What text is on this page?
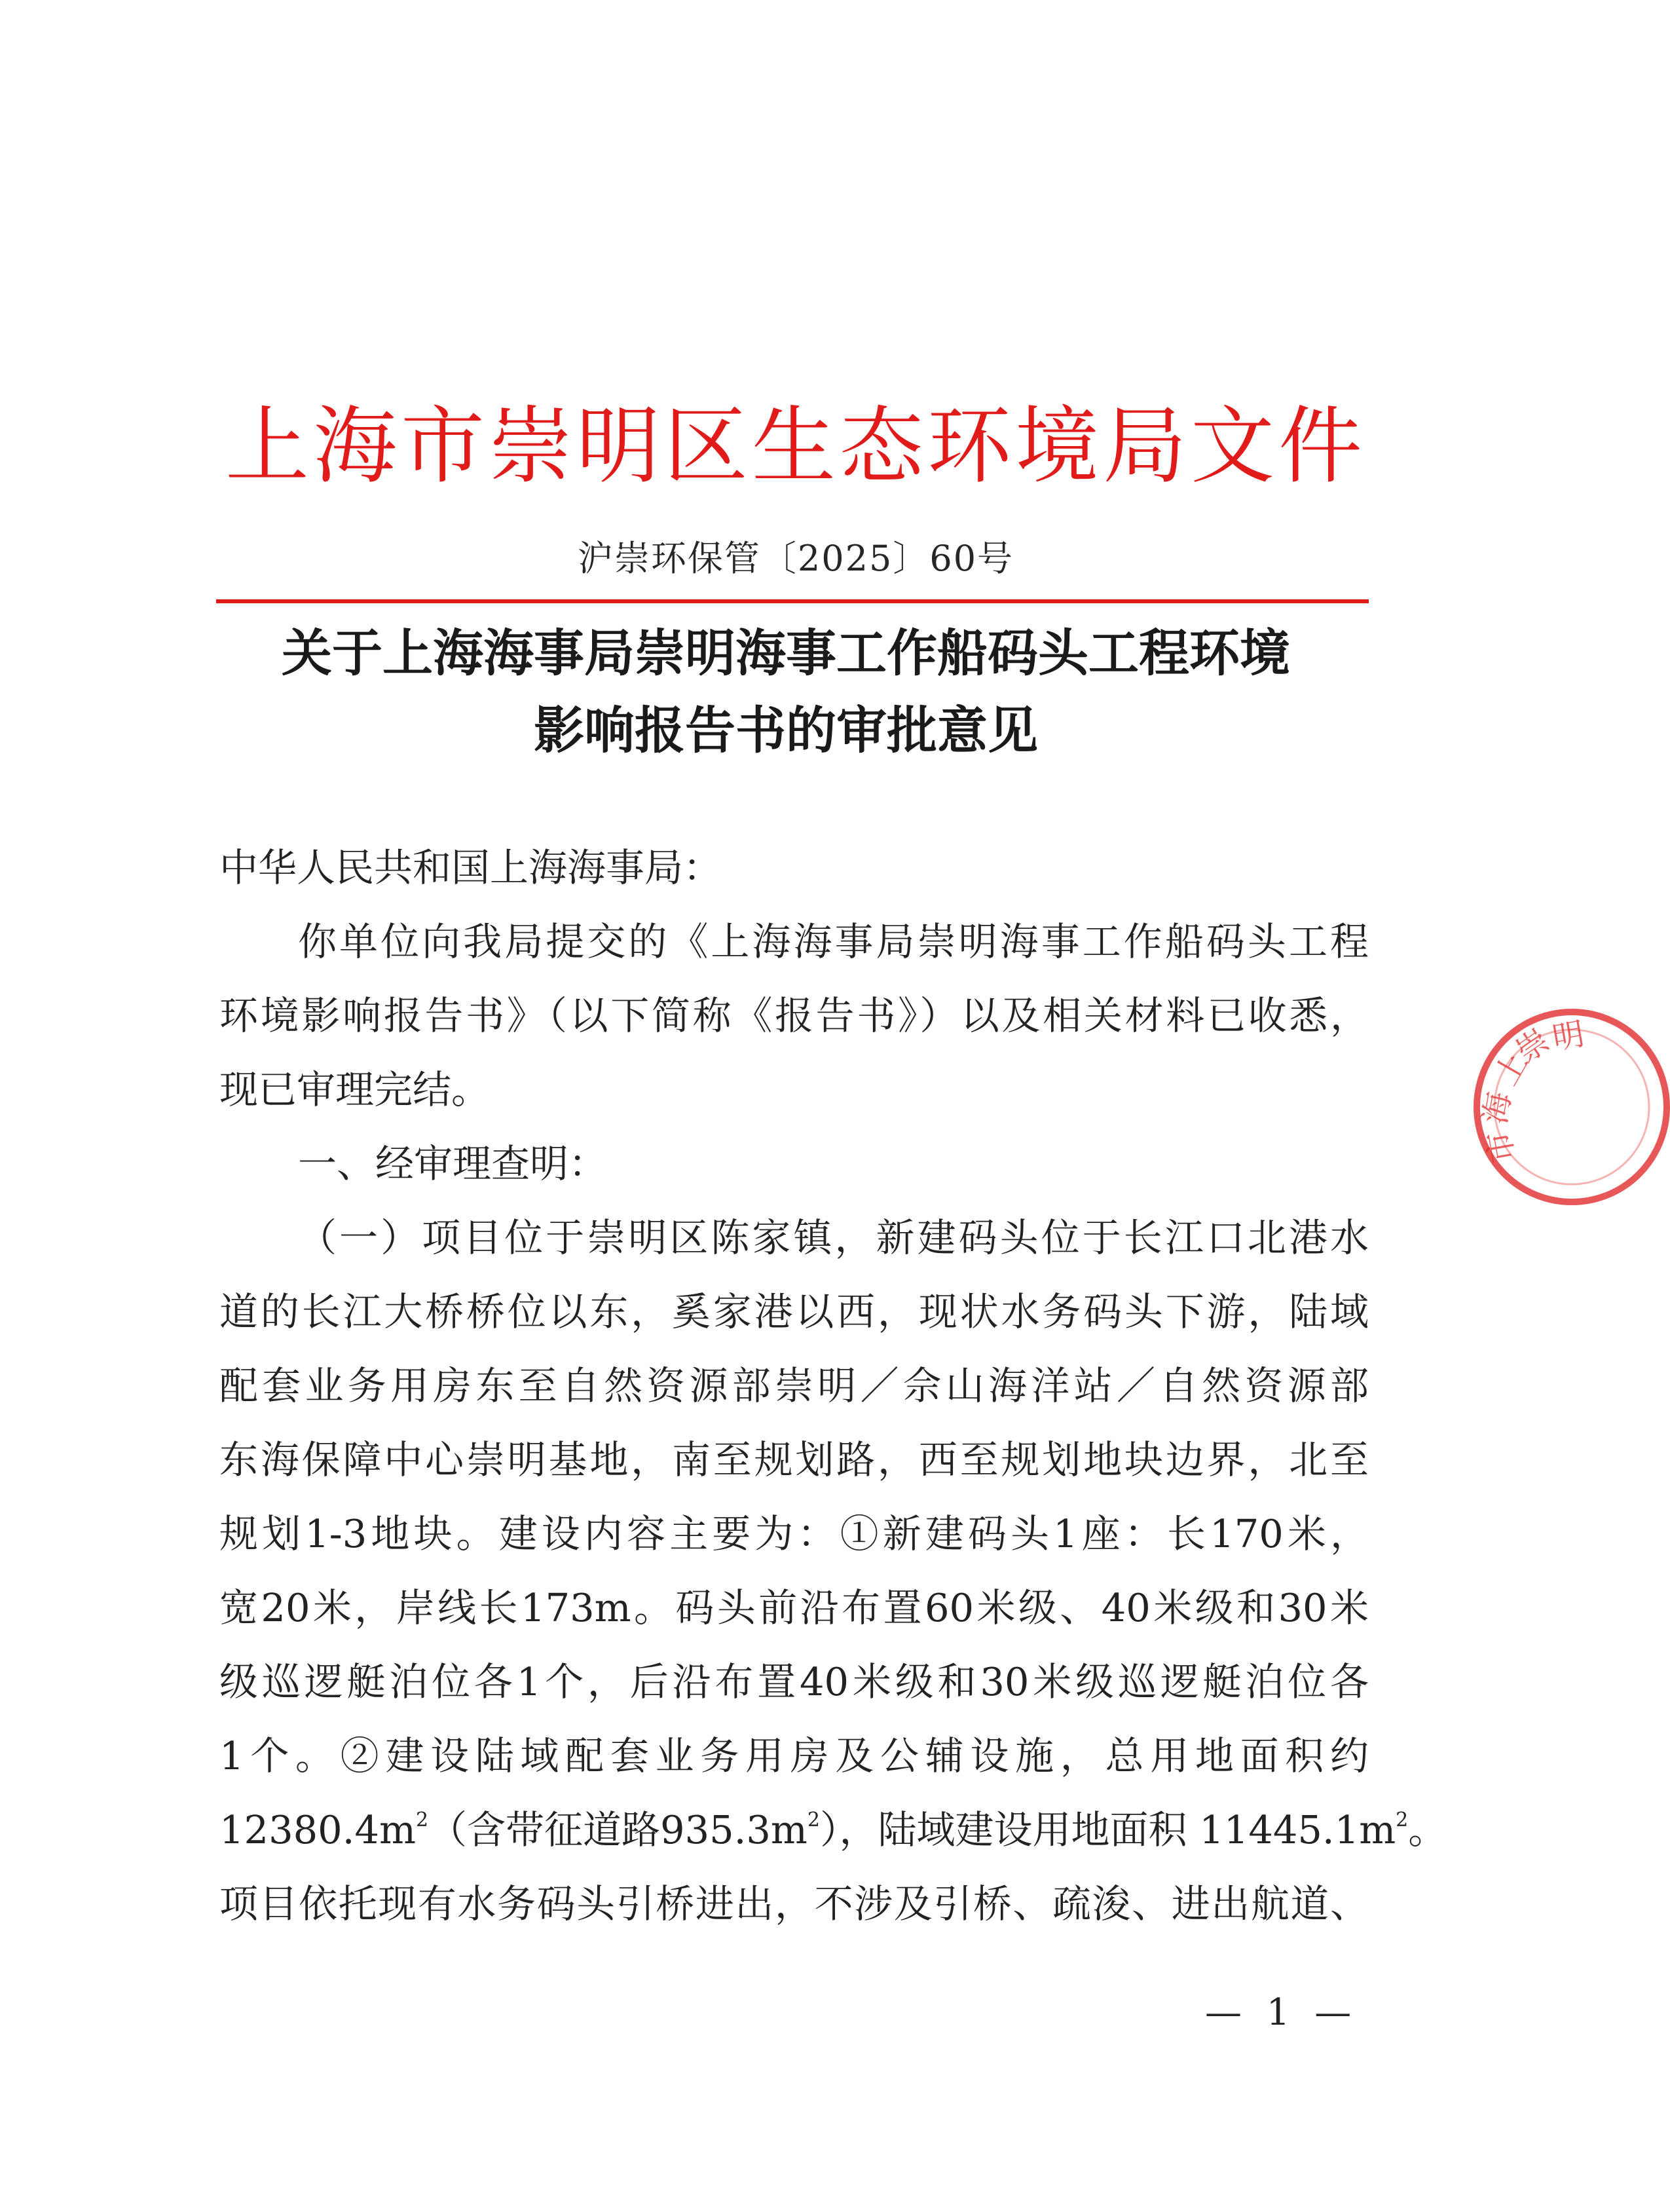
上海市崇明区生态环境局文件
沪崇环保管〔2025〕60号
关于上海海事局崇明海事工作船码头工程环境
影响报告书的审批意见
中华人民共和国上海海事局：
你单位向我局提交的《上海海事局崇明海事工作船码头工程
环境影响报告书》（以下简称《报告书》）以及相关材料已收悉，
现已审理完结。
一、经审理查明：
（一）项目位于崇明区陈家镇，新建码头位于长江口北港水
道的长江大桥桥位以东，奚家港以西，现状水务码头下游，陆域
配套业务用房东至自然资源部崇明／佘山海洋站／自然资源部
东海保障中心崇明基地，南至规划路，西至规划地块边界，北至
规划1-3地块。建设内容主要为：①新建码头1座：长170米，
宽20米，岸线长173m。码头前沿布置60米级、40米级和30米
级巡逻艇泊位各1个，后沿布置40米级和30米级巡逻艇泊位各
1个。②建设陆域配套业务用房及公辅设施，总用地面积约
$12380.4m^2$（含带征道路$935.3m^2$），陆域建设用地面积 $11445.1m^2$。
项目依托现有水务码头引桥进出，不涉及引桥、疏浚、进出航道、
— 1 —
上
海
市
崇
明
